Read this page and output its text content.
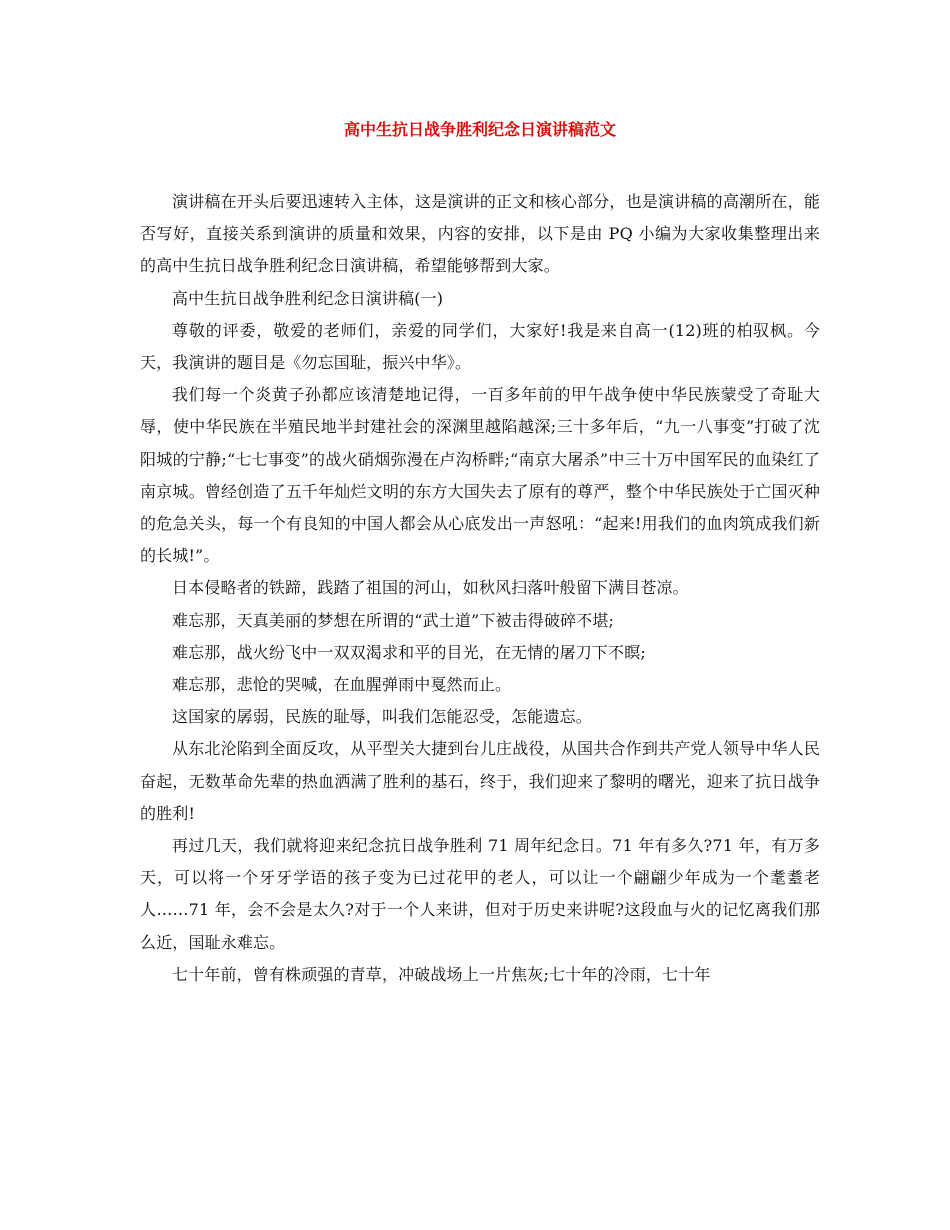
高中生抗日战争胜利纪念日演讲稿范文

演讲稿在开头后要迅速转入主体，这是演讲的正文和核心部分，也是演讲稿的高潮所在，能否写好，直接关系到演讲的质量和效果，内容的安排，以下是由 PQ 小编为大家收集整理出来的高中生抗日战争胜利纪念日演讲稿，希望能够帮到大家。

高中生抗日战争胜利纪念日演讲稿(一)

尊敬的评委，敬爱的老师们，亲爱的同学们，大家好!我是来自高一(12)班的柏驭枫。今天，我演讲的题目是《勿忘国耻，振兴中华》。

我们每一个炎黄子孙都应该清楚地记得，一百多年前的甲午战争使中华民族蒙受了奇耻大辱，使中华民族在半殖民地半封建社会的深渊里越陷越深;三十多年后，“九一八事变”打破了沈阳城的宁静;“七七事变”的战火硝烟弥漫在卢沟桥畔;“南京大屠杀”中三十万中国军民的血染红了南京城。曾经创造了五千年灿烂文明的东方大国失去了原有的尊严，整个中华民族处于亡国灭种的危急关头，每一个有良知的中国人都会从心底发出一声怒吼：“起来!用我们的血肉筑成我们新的长城!”。

日本侵略者的铁蹄，践踏了祖国的河山，如秋风扫落叶般留下满目苍凉。

难忘那，天真美丽的梦想在所谓的“武士道”下被击得破碎不堪;

难忘那，战火纷飞中一双双渴求和平的目光，在无情的屠刀下不瞑;

难忘那，悲怆的哭喊，在血腥弹雨中戛然而止。

这国家的孱弱，民族的耻辱，叫我们怎能忍受，怎能遗忘。

从东北沦陷到全面反攻，从平型关大捷到台儿庄战役，从国共合作到共产党人领导中华人民奋起，无数革命先辈的热血洒满了胜利的基石，终于，我们迎来了黎明的曙光，迎来了抗日战争的胜利!

再过几天，我们就将迎来纪念抗日战争胜利 71 周年纪念日。71 年有多久?71 年，有万多天，可以将一个牙牙学语的孩子变为已过花甲的老人，可以让一个翩翩少年成为一个耄耋老人……71 年，会不会是太久?对于一个人来讲，但对于历史来讲呢?这段血与火的记忆离我们那么近，国耻永难忘。

七十年前，曾有株顽强的青草，冲破战场上一片焦灰;七十年的冷雨，七十年
